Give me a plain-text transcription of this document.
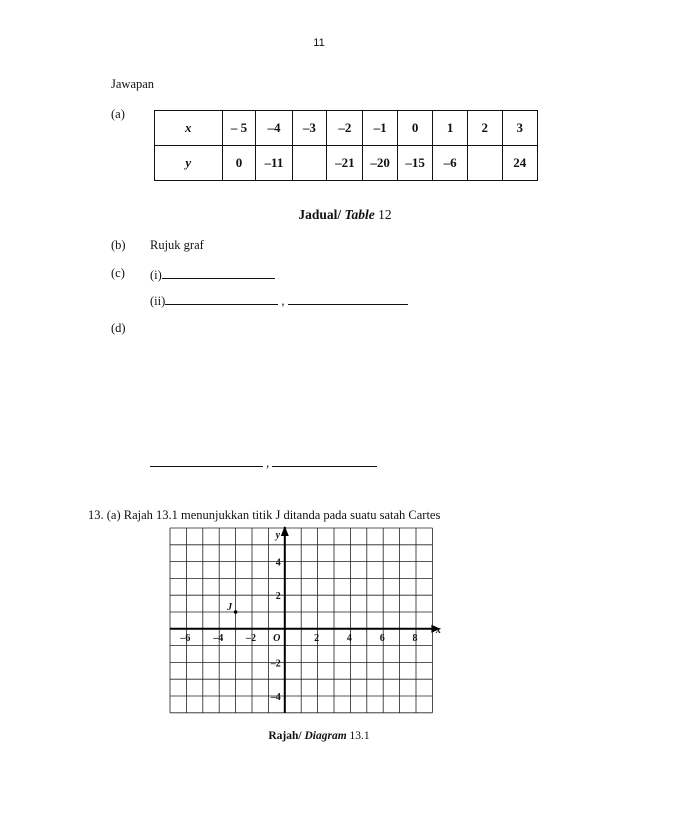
11
Jawapan
(a)
x	– 5	–4	–3	–2	–1	0	1	2	3
y	0	–11		–21	–20	–15	–6		24
Jadual/ Table 12
(b) Rujuk graf
(c) (i)
(ii)	,
(d)
,
13. (a) Rajah 13.1 menunjukkan titik J ditanda pada suatu satah Cartes
–6 –4 –2	2	4	6	8
4
2
–2
–4
O
x
y
J
Rajah/ Diagram 13.1
